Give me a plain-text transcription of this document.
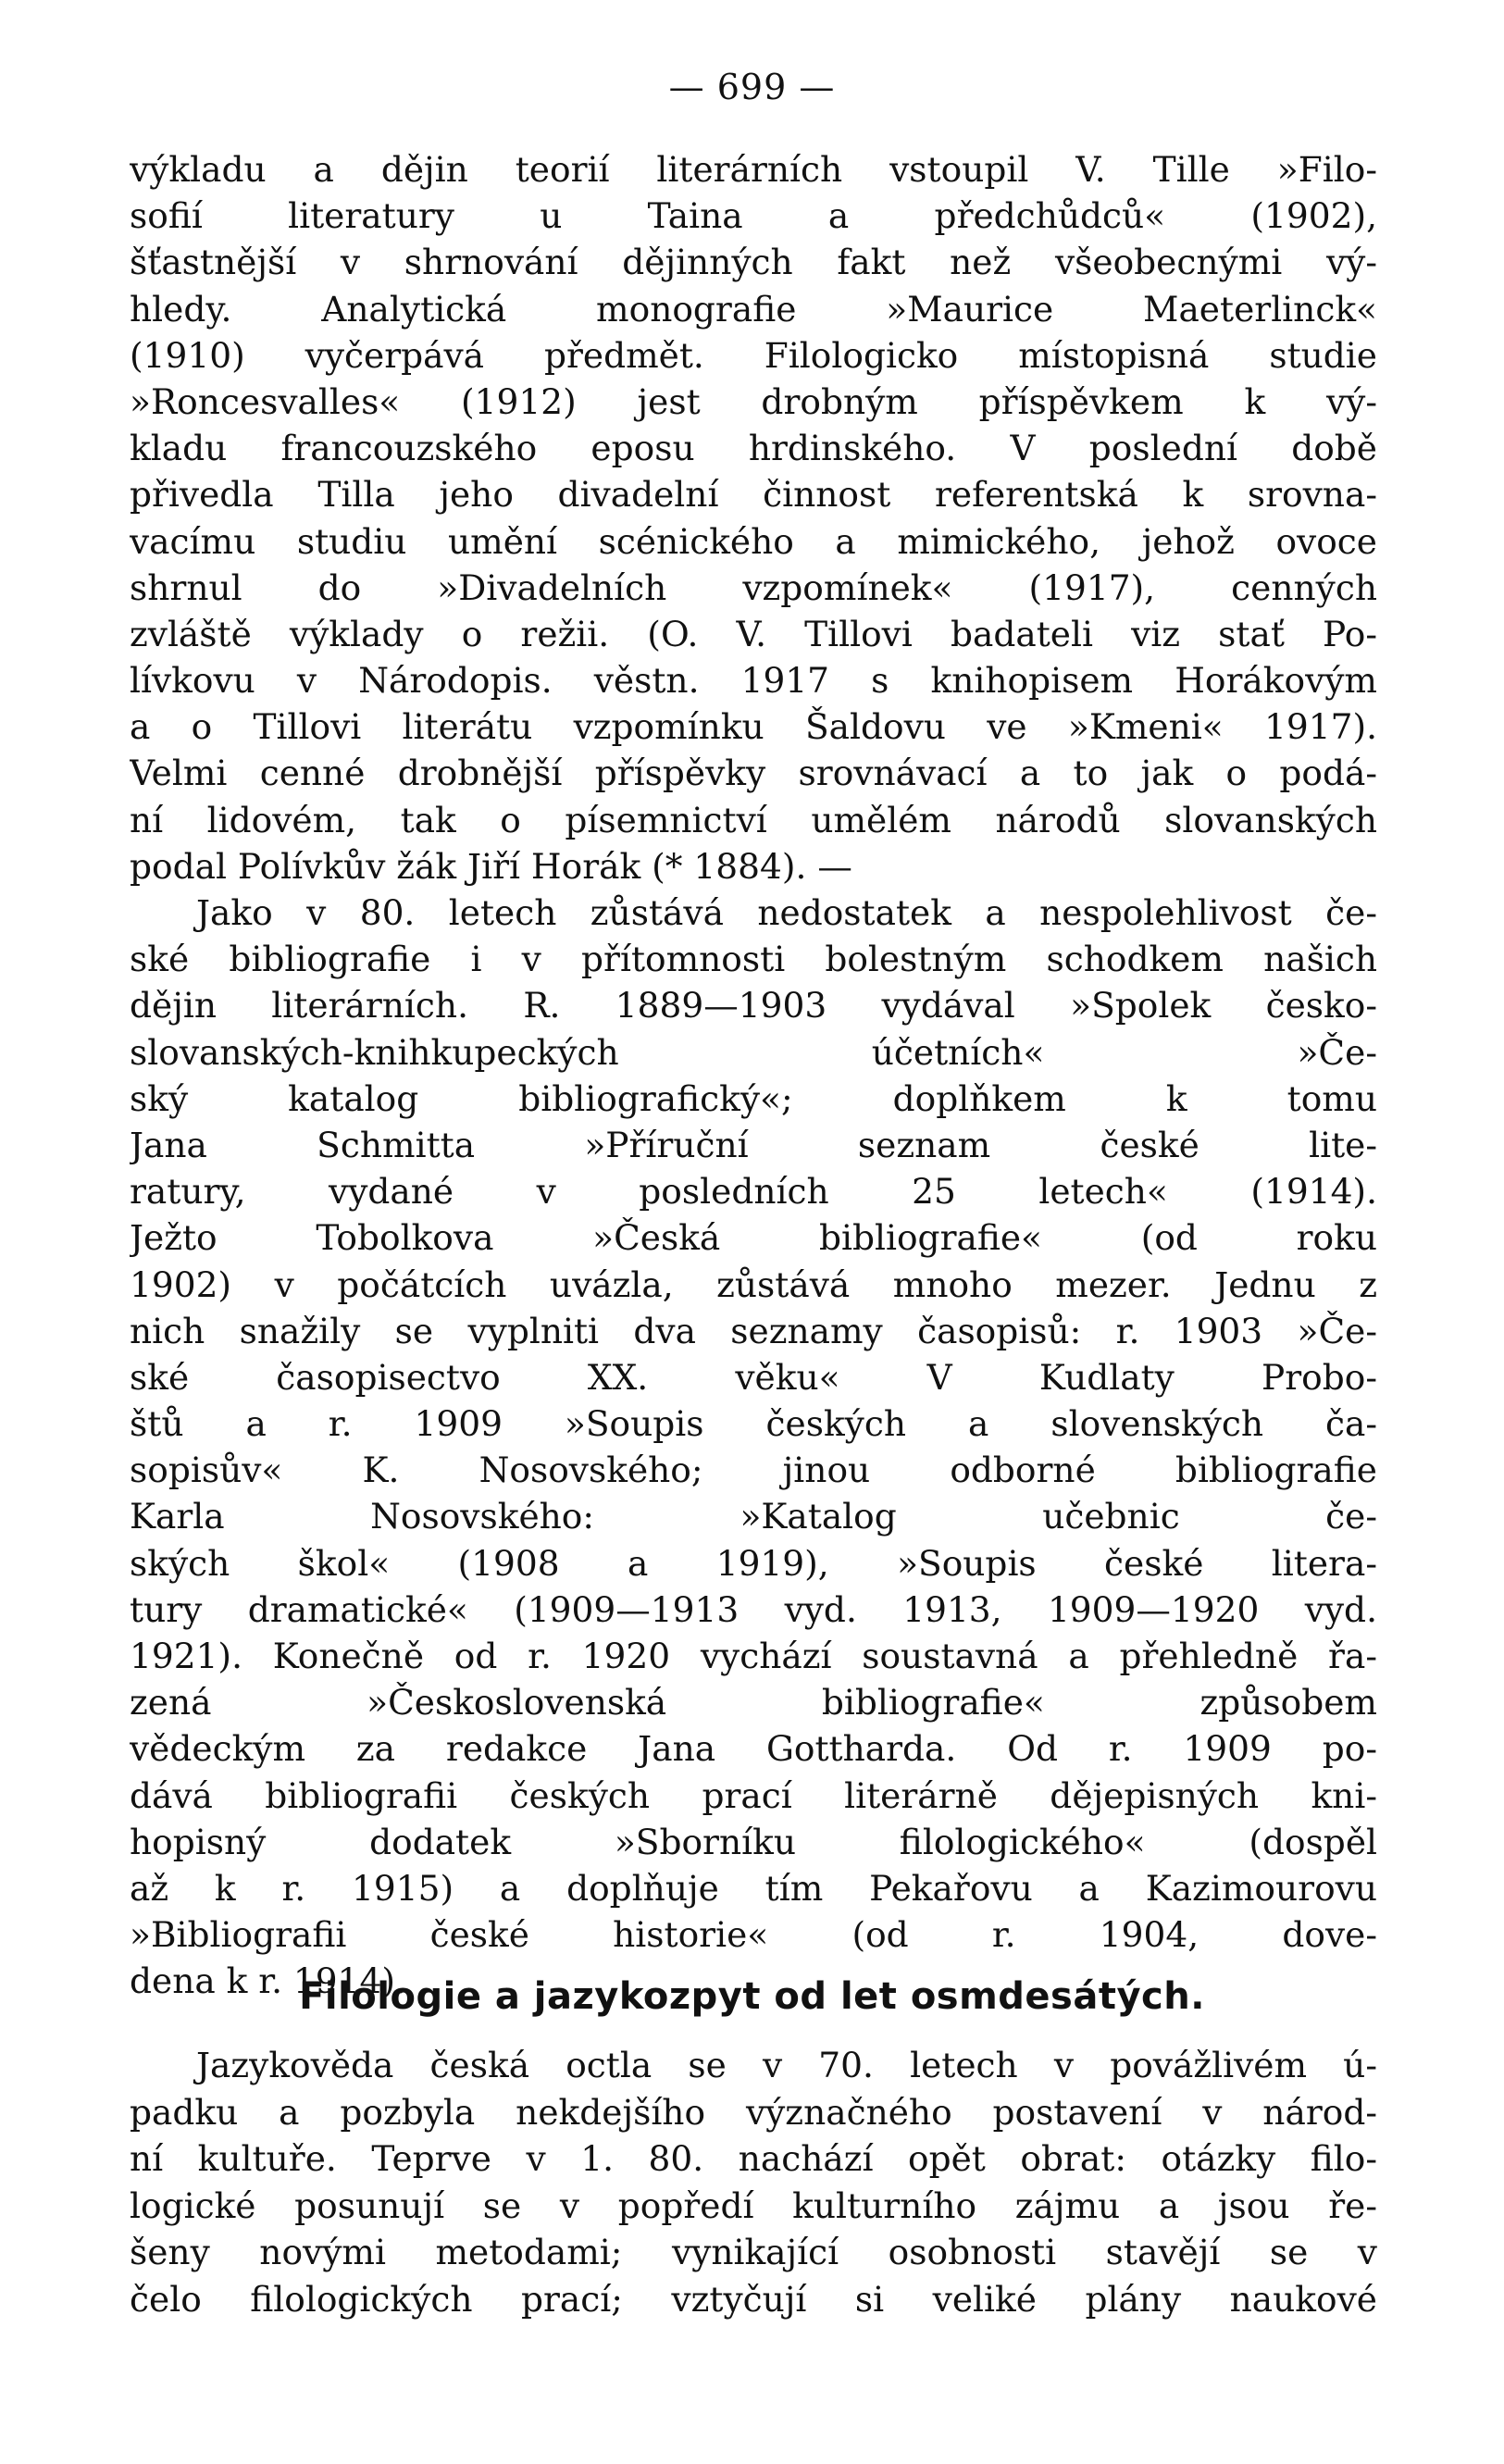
— 699 —
výkladu a dějin teorií literárních vstoupil V. Tille »Filo-
sofií literatury u Taina a předchůdců« (1902),
šťastnější v shrnování dějinných fakt než všeobecnými vý-
hledy. Analytická monografie »Maurice Maeterlinck«
(1910) vyčerpává předmět. Filologicko místopisná studie
»Roncesvalles« (1912) jest drobným příspěvkem k vý-
kladu francouzského eposu hrdinského. V poslední době
přivedla Tilla jeho divadelní činnost referentská k srovna-
vacímu studiu umění scénického a mimického, jehož ovoce
shrnul do »Divadelních vzpomínek« (1917), cenných
zvláště výklady o režii. (O. V. Tillovi badateli viz stať Po-
lívkovu v Národopis. věstn. 1917 s knihopisem Horákovým
a o Tillovi literátu vzpomínku Šaldovu ve »Kmeni« 1917).
Velmi cenné drobnější příspěvky srovnávací a to jak o podá-
ní lidovém, tak o písemnictví umělém národů slovanských
podal Polívkův žák Jiří Horák (* 1884). —
Jako v 80. letech zůstává nedostatek a nespolehlivost če-
ské bibliografie i v přítomnosti bolestným schodkem našich
dějin literárních. R. 1889—1903 vydával »Spolek česko-
slovanských-knihkupeckých účetních« »Če-
ský katalog bibliografický«; doplňkem k tomu
Jana Schmitta »Příruční seznam české lite-
ratury, vydané v posledních 25 letech« (1914).
Ježto Tobolkova »Česká bibliografie« (od roku
1902) v počátcích uvázla, zůstává mnoho mezer. Jednu z
nich snažily se vyplniti dva seznamy časopisů: r. 1903 »Če-
ské časopisectvo XX. věku« V Kudlaty Probo-
štů a r. 1909 »Soupis českých a slovenských ča-
sopisův« K. Nosovského; jinou odborné bibliografie
Karla Nosovského: »Katalog učebnic če-
ských škol« (1908 a 1919), »Soupis české litera-
tury dramatické« (1909—1913 vyd. 1913, 1909—1920 vyd.
1921). Konečně od r. 1920 vychází soustavná a přehledně řa-
zená »Československá bibliografie« způsobem
vědeckým za redakce Jana Gottharda. Od r. 1909 po-
dává bibliografii českých prací literárně dějepisných kni-
hopisný dodatek »Sborníku filologického« (dospěl
až k r. 1915) a doplňuje tím Pekařovu a Kazimourovu
»Bibliografii české historie« (od r. 1904, dove-
dena k r. 1914).
Filologie a jazykozpyt od let osmdesátých.
Jazykověda česká octla se v 70. letech v povážlivém ú-
padku a pozbyla nekdejšího význačného postavení v národ-
ní kultuře. Teprve v 1. 80. nachází opět obrat: otázky filo-
logické posunují se v popředí kulturního zájmu a jsou ře-
šeny novými metodami; vynikající osobnosti stavějí se v
čelo filologických prací; vztyčují si veliké plány naukové
